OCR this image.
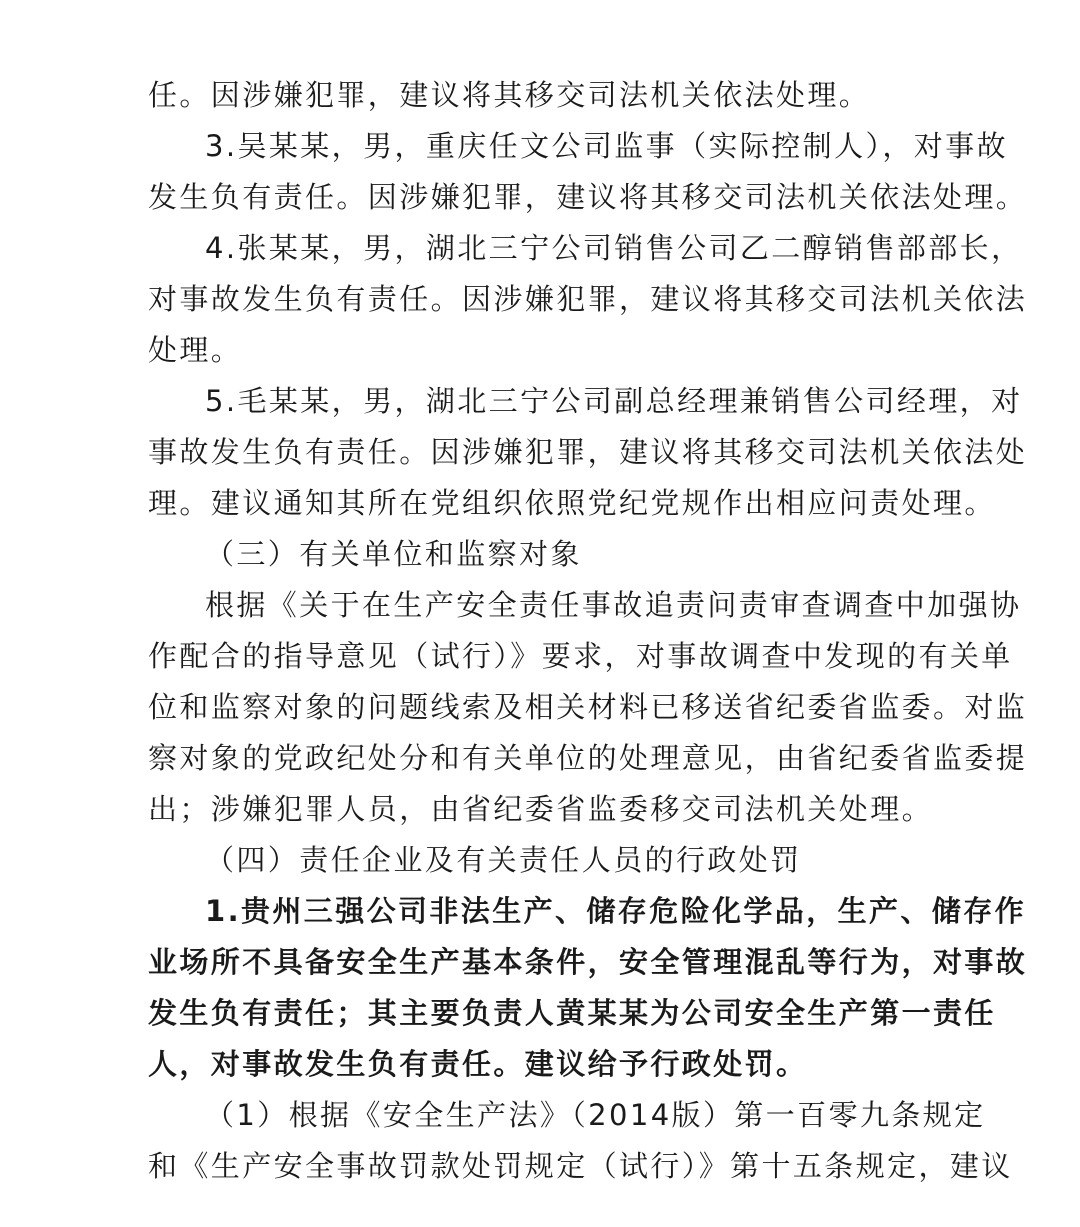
任。因涉嫌犯罪，建议将其移交司法机关依法处理。
3.吴某某，男，重庆任文公司监事（实际控制人），对事故
发生负有责任。因涉嫌犯罪，建议将其移交司法机关依法处理。
4.张某某，男，湖北三宁公司销售公司乙二醇销售部部长，
对事故发生负有责任。因涉嫌犯罪，建议将其移交司法机关依法
处理。
5.毛某某，男，湖北三宁公司副总经理兼销售公司经理，对
事故发生负有责任。因涉嫌犯罪，建议将其移交司法机关依法处
理。建议通知其所在党组织依照党纪党规作出相应问责处理。
（三）有关单位和监察对象
根据《关于在生产安全责任事故追责问责审查调查中加强协
作配合的指导意见（试行）》要求，对事故调查中发现的有关单
位和监察对象的问题线索及相关材料已移送省纪委省监委。对监
察对象的党政纪处分和有关单位的处理意见，由省纪委省监委提
出；涉嫌犯罪人员，由省纪委省监委移交司法机关处理。
（四）责任企业及有关责任人员的行政处罚
1.贵州三强公司非法生产、储存危险化学品，生产、储存作
业场所不具备安全生产基本条件，安全管理混乱等行为，对事故
发生负有责任；其主要负责人黄某某为公司安全生产第一责任
人，对事故发生负有责任。建议给予行政处罚。
（1）根据《安全生产法》（2014版）第一百零九条规定
和《生产安全事故罚款处罚规定（试行）》第十五条规定，建议
